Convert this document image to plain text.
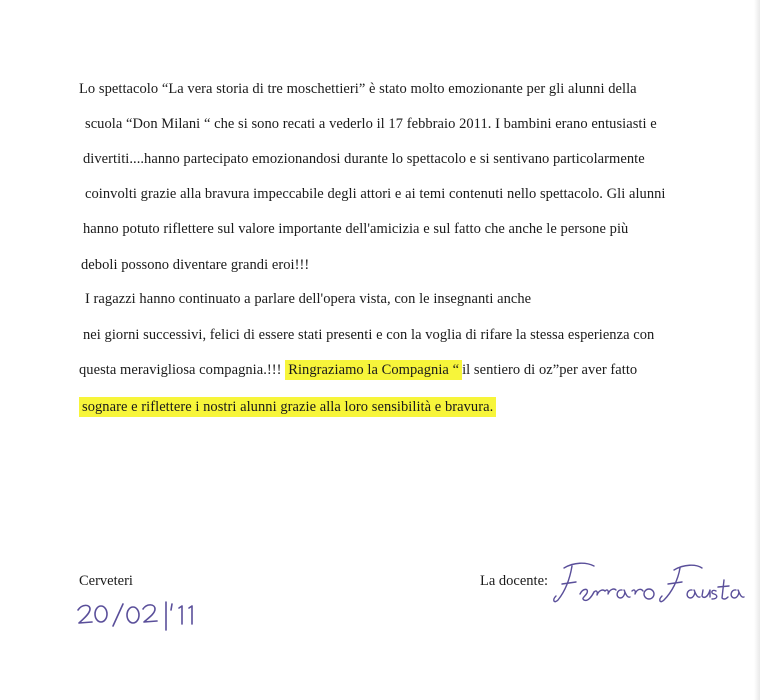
Lo spettacolo “La vera storia di tre moschettieri” è stato molto emozionante per gli alunni della
scuola “Don Milani “ che si sono recati a vederlo il 17 febbraio 2011. I bambini erano entusiasti e
divertiti....hanno partecipato emozionandosi durante lo spettacolo e si sentivano particolarmente
coinvolti grazie alla bravura impeccabile degli attori e ai temi contenuti nello spettacolo. Gli alunni
hanno potuto riflettere sul valore importante dell'amicizia e sul fatto che anche le persone più
deboli possono diventare grandi eroi!!!
I ragazzi hanno continuato a parlare dell'opera vista, con le insegnanti anche
nei giorni successivi, felici di essere stati presenti e con la voglia di rifare la stessa esperienza con
questa meravigliosa compagnia.!!! Ringraziamo la Compagnia “ il sentiero di oz”per aver fatto
sognare e riflettere i nostri alunni grazie alla loro sensibilità e bravura.
Cerveteri	La docente:
